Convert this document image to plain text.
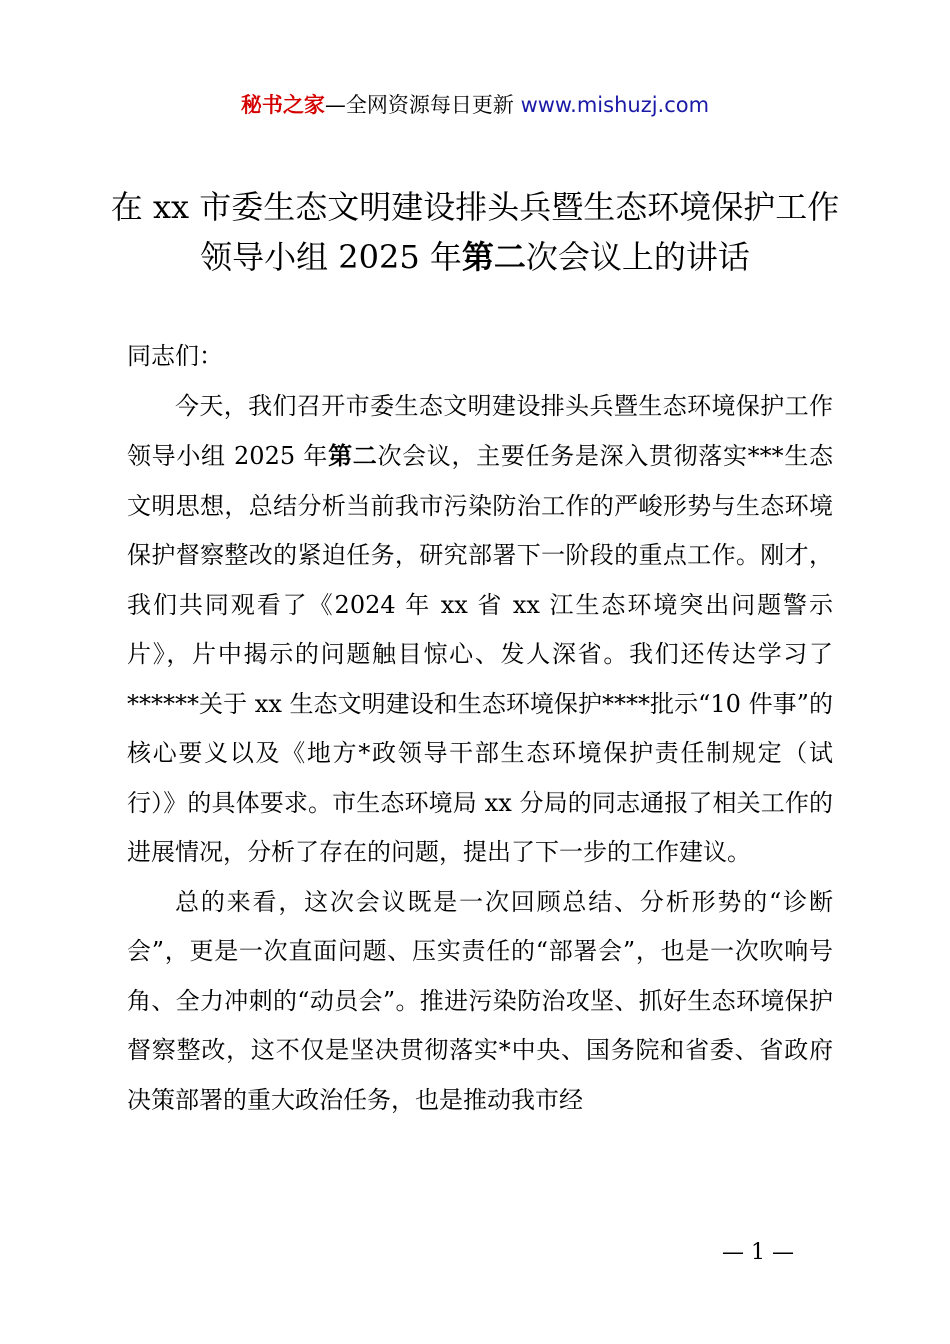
秘书之家—全网资源每日更新 www.mishuzj.com
在 xx 市委生态文明建设排头兵暨生态环境保护工作领导小组 2025 年第二次会议上的讲话

同志们：

今天，我们召开市委生态文明建设排头兵暨生态环境保护工作领导小组 2025 年第二次会议，主要任务是深入贯彻落实***生态文明思想，总结分析当前我市污染防治工作的严峻形势与生态环境保护督察整改的紧迫任务，研究部署下一阶段的重点工作。刚才，我们共同观看了《2024 年 xx 省 xx 江生态环境突出问题警示片》，片中揭示的问题触目惊心、发人深省。我们还传达学习了******关于 xx 生态文明建设和生态环境保护****批示“10 件事”的核心要义以及《地方*政领导干部生态环境保护责任制规定（试行）》的具体要求。市生态环境局 xx 分局的同志通报了相关工作的进展情况，分析了存在的问题，提出了下一步的工作建议。

总的来看，这次会议既是一次回顾总结、分析形势的“诊断会”，更是一次直面问题、压实责任的“部署会”，也是一次吹响号角、全力冲刺的“动员会”。推进污染防治攻坚、抓好生态环境保护督察整改，这不仅是坚决贯彻落实*中央、国务院和省委、省政府决策部署的重大政治任务，也是推动我市经

— 1 —
